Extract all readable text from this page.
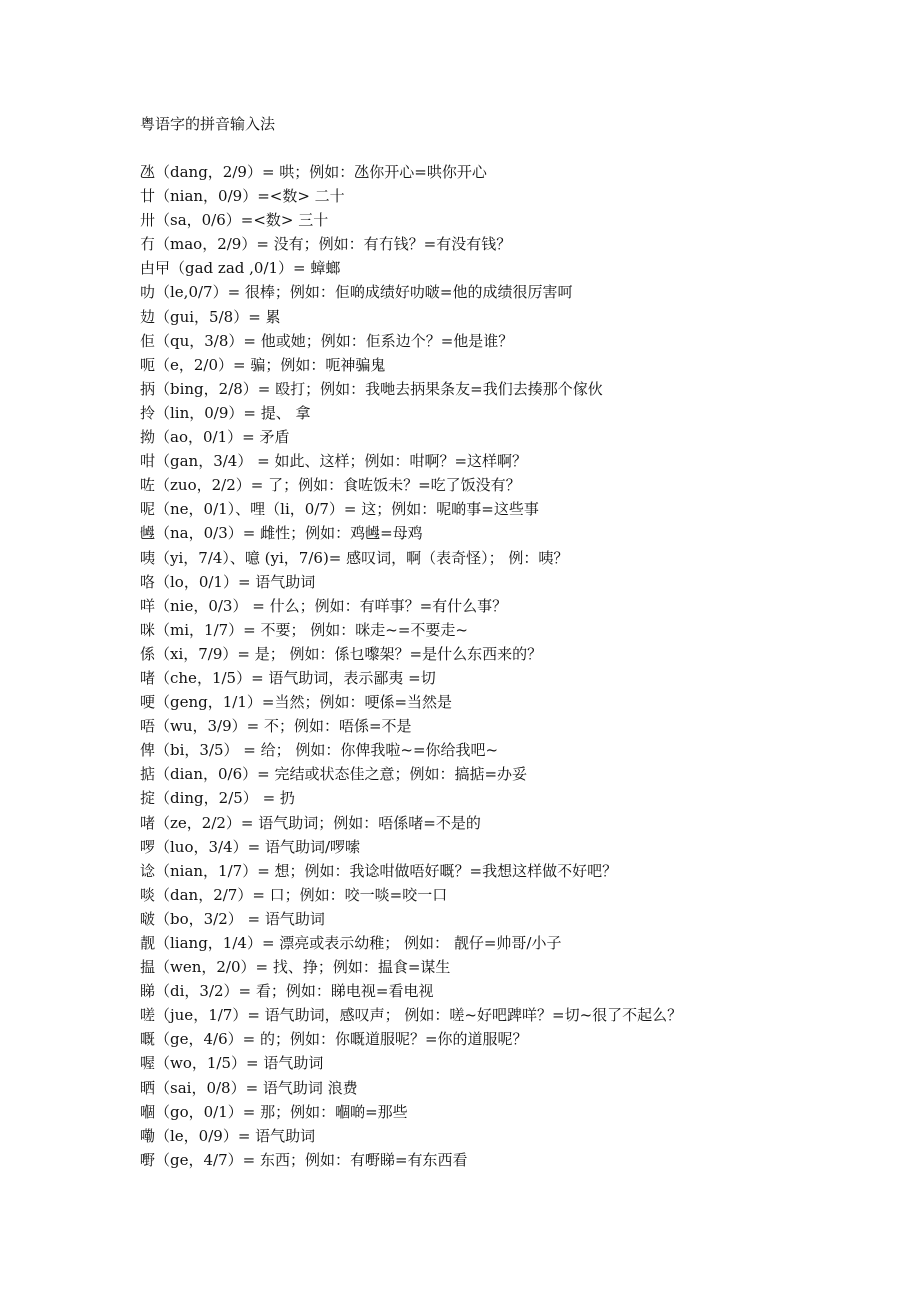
粤语字的拼音输入法
氹（dang，2/9）= 哄；例如：氹你开心=哄你开心
廿（nian，0/9）=<数> 二十
卅（sa，0/6）=<数> 三十
冇（mao，2/9）= 没有；例如：有冇钱？=有没有钱？
甴曱（gad zad ,0/1）= 蟑螂
叻（le,0/7）= 很棒；例如：佢啲成绩好叻啵=他的成绩很厉害呵
攰（gui，5/8）= 累
佢（qu，3/8）= 他或她；例如：佢系边个？=他是谁？
呃（e，2/0）= 骗；例如：呃神骗鬼
抦（bing，2/8）= 殴打；例如：我哋去抦果条友=我们去揍那个傢伙
拎（lin，0/9）= 提、 拿
拗（ao，0/1）= 矛盾
咁（gan，3/4） = 如此、这样；例如：咁啊？=这样啊？
咗（zuo，2/2）= 了；例如：食咗饭未？=吃了饭没有？
呢（ne，0/1）、哩（li，0/7）= 这；例如：呢啲事=这些事
乸（na，0/3）= 雌性；例如：鸡乸=母鸡
咦（yi，7/4）、噫 (yi，7/6)= 感叹词，啊（表奇怪）； 例：咦？
咯（lo，0/1）= 语气助词
咩（nie，0/3） = 什么；例如：有咩事？=有什么事？
咪（mi，1/7）= 不要； 例如：咪走~=不要走~
係（xi，7/9）= 是； 例如：係乜嚟架？=是什么东西来的？
啫（che，1/5）= 语气助词，表示鄙夷 =切
哽（geng，1/1）=当然；例如：哽係=当然是
唔（wu，3/9）= 不；例如：唔係=不是
俾（bi，3/5） = 给； 例如：你俾我啦~=你给我吧~
掂（dian，0/6）= 完结或状态佳之意；例如：搞掂=办妥
掟（ding，2/5） = 扔
啫（ze，2/2）= 语气助词；例如：唔係啫=不是的
啰（luo，3/4）= 语气助词/啰嗦
谂（nian，1/7）= 想；例如：我谂咁做唔好嘅？=我想这样做不好吧？
啖（dan，2/7）= 口；例如：咬一啖=咬一口
啵（bo，3/2） = 语气助词
靓（liang，1/4）= 漂亮或表示幼稚； 例如： 靓仔=帅哥/小子
揾（wen，2/0）= 找、挣；例如：揾食=谋生
睇（di，3/2）= 看；例如：睇电视=看电视
嗟（jue，1/7）= 语气助词，感叹声； 例如：嗟~好吧䠋咩？=切~很了不起么？
嘅（ge，4/6）= 的；例如：你嘅道服呢？=你的道服呢？
喔（wo，1/5）= 语气助词
晒（sai，0/8）= 语气助词 浪费
嗰（go，0/1）= 那；例如：嗰啲=那些
嘞（le，0/9）= 语气助词
嘢（ge，4/7）= 东西；例如：有嘢睇=有东西看
